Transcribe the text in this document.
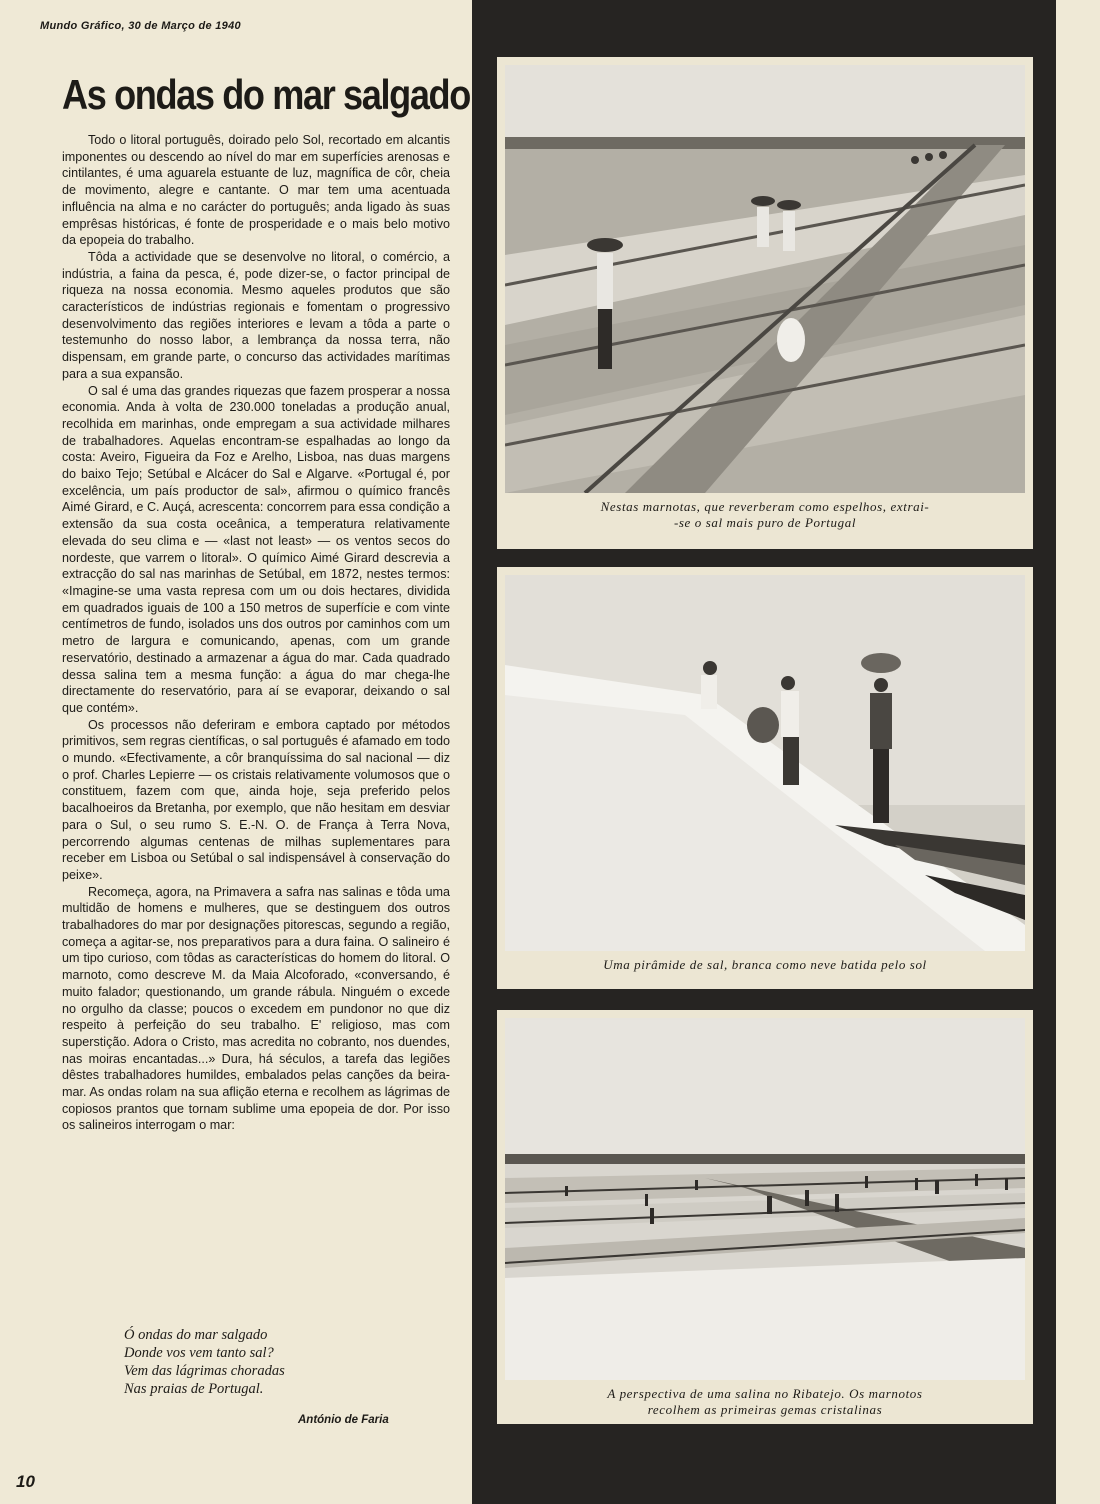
Mundo Gráfico, 30 de Março de 1940
As ondas do mar salgado

Todo o litoral português, doirado pelo Sol, recortado em alcantis imponentes ou descendo ao nível do mar em superfícies arenosas e cintilantes, é uma aguarela estuante de luz, magnífica de côr, cheia de movimento, alegre e cantante. O mar tem uma acentuada influência na alma e no carácter do português; anda ligado às suas emprêsas históricas, é fonte de prosperidade e o mais belo motivo da epopeia do trabalho.

Tôda a actividade que se desenvolve no litoral, o comércio, a indústria, a faina da pesca, é, pode dizer-se, o factor principal de riqueza na nossa economia. Mesmo aqueles produtos que são característicos de indústrias regionais e fomentam o progressivo desenvolvimento das regiões interiores e levam a tôda a parte o testemunho do nosso labor, a lembrança da nossa terra, não dispensam, em grande parte, o concurso das actividades marítimas para a sua expansão.

O sal é uma das grandes riquezas que fazem prosperar a nossa economia. Anda à volta de 230.000 toneladas a produção anual, recolhida em marinhas, onde empregam a sua actividade milhares de trabalhadores. Aquelas encontram-se espalhadas ao longo da costa: Aveiro, Figueira da Foz e Arelho, Lisboa, nas duas margens do baixo Tejo; Setúbal e Alcácer do Sal e Algarve. «Portugal é, por excelência, um país productor de sal», afirmou o químico francês Aimé Girard, e C. Auçá, acrescenta: concorrem para essa condição a extensão da sua costa oceânica, a temperatura relativamente elevada do seu clima e — «last not least» — os ventos secos do nordeste, que varrem o litoral». O químico Aimé Girard descrevia a extracção do sal nas marinhas de Setúbal, em 1872, nestes termos: «Imagine-se uma vasta represa com um ou dois hectares, dividida em quadrados iguais de 100 a 150 metros de superfície e com vinte centímetros de fundo, isolados uns dos outros por caminhos com um metro de largura e comunicando, apenas, com um grande reservatório, destinado a armazenar a água do mar. Cada quadrado dessa salina tem a mesma função: a água do mar chega-lhe directamente do reservatório, para aí se evaporar, deixando o sal que contém».

Os processos não deferiram e embora captado por métodos primitivos, sem regras científicas, o sal português é afamado em todo o mundo. «Efectivamente, a côr branquíssima do sal nacional — diz o prof. Charles Lepierre — os cristais relativamente volumosos que o constituem, fazem com que, ainda hoje, seja preferido pelos bacalhoeiros da Bretanha, por exemplo, que não hesitam em desviar para o Sul, o seu rumo S. E.-N. O. de França à Terra Nova, percorrendo algumas centenas de milhas suplementares para receber em Lisboa ou Setúbal o sal indispensável à conservação do peixe».

Recomeça, agora, na Primavera a safra nas salinas e tôda uma multidão de homens e mulheres, que se destinguem dos outros trabalhadores do mar por designações pitorescas, segundo a região, começa a agitar-se, nos preparativos para a dura faina. O salineiro é um tipo curioso, com tôdas as características do homem do litoral. O marnoto, como descreve M. da Maia Alcoforado, «conversando, é muito falador; questionando, um grande rábula. Ninguém o excede no orgulho da classe; poucos o excedem em pundonor no que diz respeito à perfeição do seu trabalho. E' religioso, mas com superstição. Adora o Cristo, mas acredita no cobranto, nos duendes, nas moiras encantadas...» Dura, há séculos, a tarefa das legiões dêstes trabalhadores humildes, embalados pelas canções da beira-mar. As ondas rolam na sua aflição eterna e recolhem as lágrimas de copiosos prantos que tornam sublime uma epopeia de dor. Por isso os salineiros interrogam o mar:

Ó ondas do mar salgado
Donde vos vem tanto sal?
Vem das lágrimas choradas
Nas praias de Portugal.
António de Faria
10
Nestas marnotas, que reverberam como espelhos, extrai-
-se o sal mais puro de Portugal
Uma pirâmide de sal, branca como neve batida pelo sol
A perspectiva de uma salina no Ribatejo. Os marnotos
recolhem as primeiras gemas cristalinas
